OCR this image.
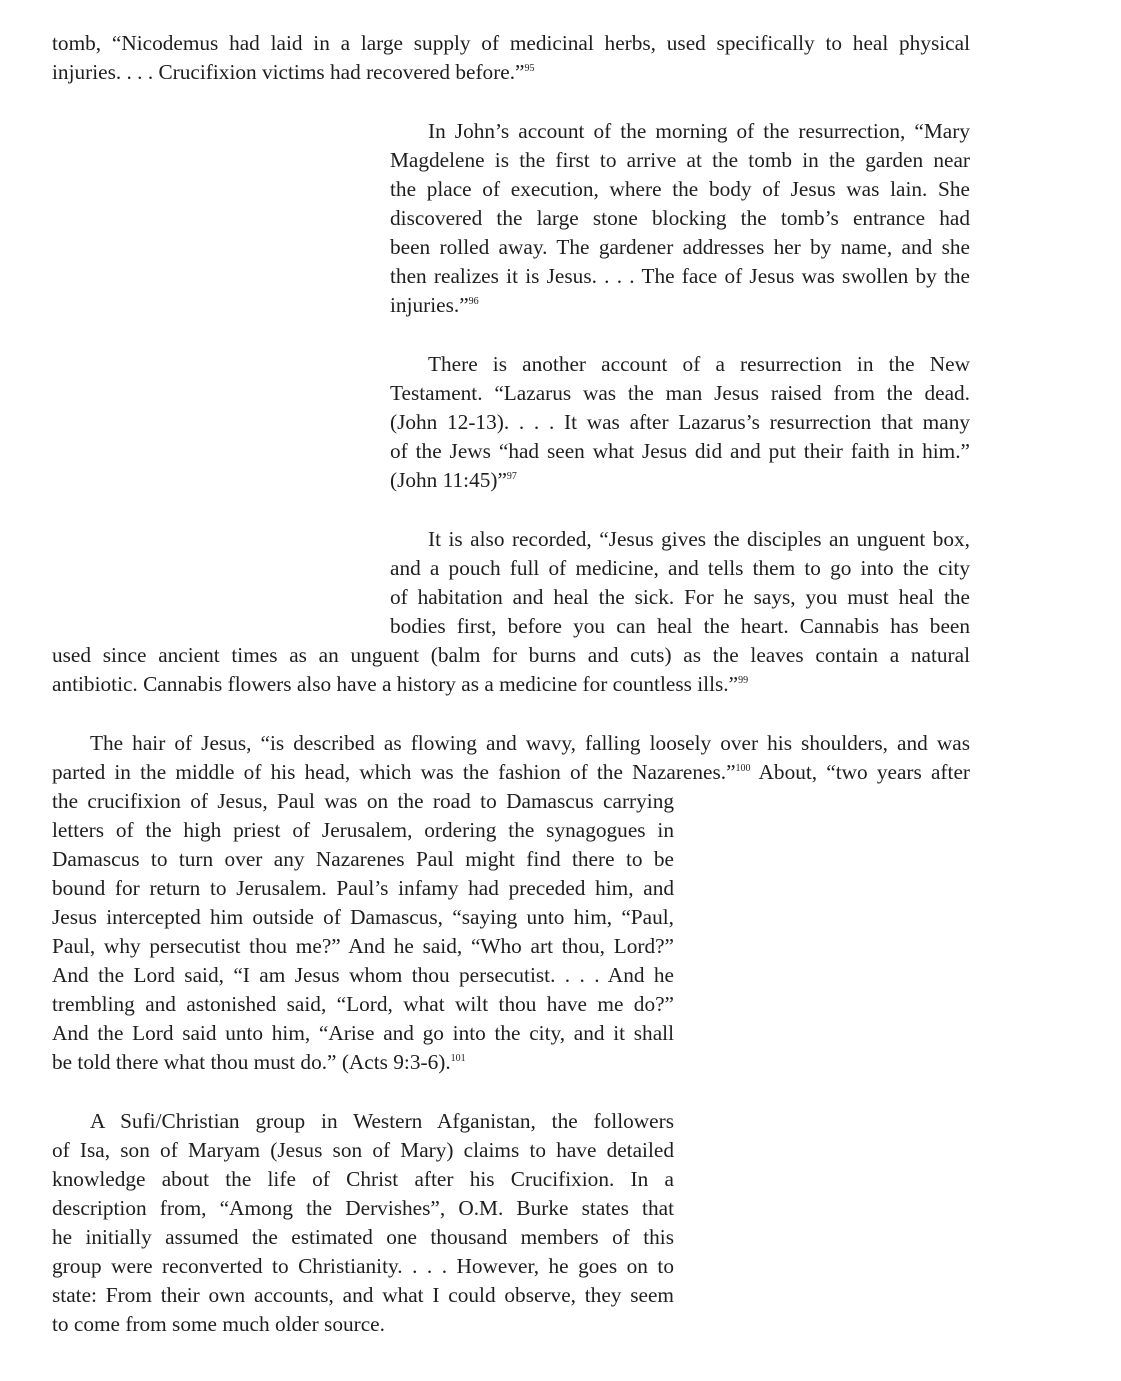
tomb, “Nicodemus had laid in a large supply of medicinal herbs, used specifically to heal physical
injuries. . . . Crucifixion victims had recovered before.”$^{95}$
In John’s account of the morning of the resurrection, “Mary
Magdelene is the first to arrive at the tomb in the garden near
the place of execution, where the body of Jesus was lain. She
discovered the large stone blocking the tomb’s entrance had
been rolled away. The gardener addresses her by name, and she
then realizes it is Jesus. . . . The face of Jesus was swollen by the
injuries.”$^{96}$
There is another account of a resurrection in the New
Testament. “Lazarus was the man Jesus raised from the dead.
(John 12-13). . . . It was after Lazarus’s resurrection that many
of the Jews “had seen what Jesus did and put their faith in him.”
(John 11:45)”$^{97}$
It is also recorded, “Jesus gives the disciples an unguent box,
and a pouch full of medicine, and tells them to go into the city
of habitation and heal the sick. For he says, you must heal the
bodies first, before you can heal the heart. Cannabis has been
used since ancient times as an unguent (balm for burns and cuts) as the leaves contain a natural
antibiotic. Cannabis flowers also have a history as a medicine for countless ills.”$^{99}$
The hair of Jesus, “is described as flowing and wavy, falling loosely over his shoulders, and was
parted in the middle of his head, which was the fashion of the Nazarenes.”$^{100}$ About, “two years after
the crucifixion of Jesus, Paul was on the road to Damascus carrying
letters of the high priest of Jerusalem, ordering the synagogues in
Damascus to turn over any Nazarenes Paul might find there to be
bound for return to Jerusalem. Paul’s infamy had preceded him, and
Jesus intercepted him outside of Damascus, “saying unto him, “Paul,
Paul, why persecutist thou me?” And he said, “Who art thou, Lord?”
And the Lord said, “I am Jesus whom thou persecutist. . . . And he
trembling and astonished said, “Lord, what wilt thou have me do?”
And the Lord said unto him, “Arise and go into the city, and it shall
be told there what thou must do.” (Acts 9:3-6).$^{101}$
A Sufi/Christian group in Western Afganistan, the followers
of Isa, son of Maryam (Jesus son of Mary) claims to have detailed
knowledge about the life of Christ after his Crucifixion. In a
description from, “Among the Dervishes”, O.M. Burke states that
he initially assumed the estimated one thousand members of this
group were reconverted to Christianity. . . . However, he goes on to
state: From their own accounts, and what I could observe, they seem
to come from some much older source.
